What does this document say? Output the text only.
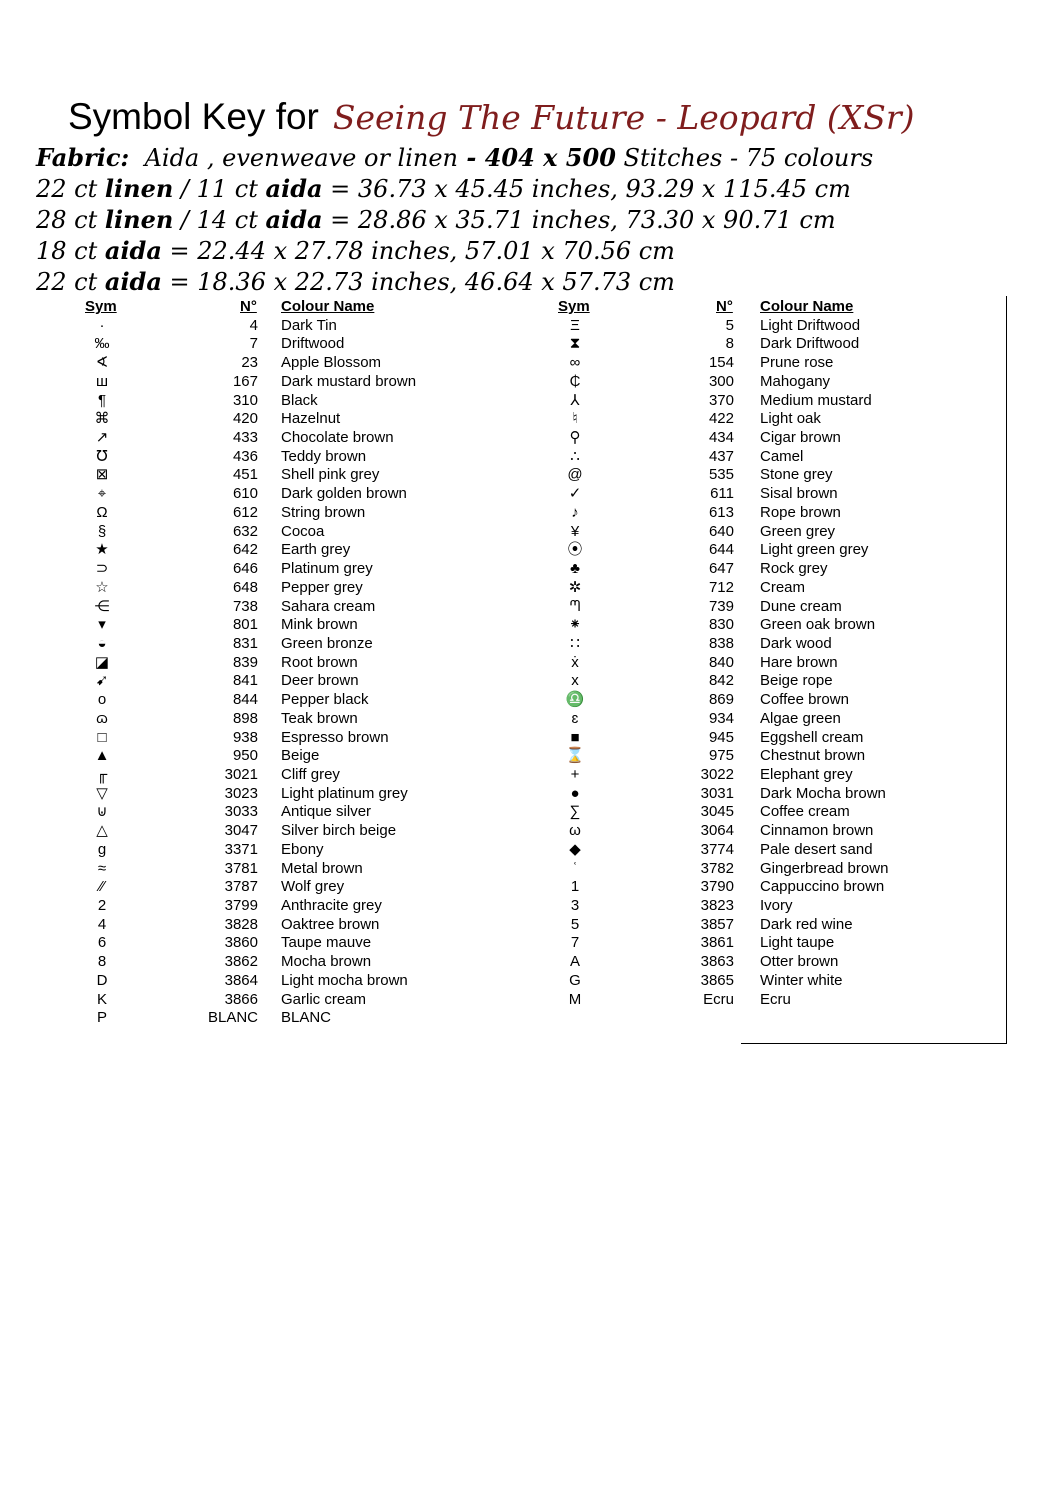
Symbol Key for Seeing The Future - Leopard (XSr)
Fabric: Aida , evenweave or linen - 404 x 500 Stitches - 75 colours
22 ct linen / 11 ct aida = 36.73 x 45.45 inches, 93.29 x 115.45 cm
28 ct linen / 14 ct aida = 28.86 x 35.71 inches, 73.30 x 90.71 cm
18 ct aida = 22.44 x 27.78 inches, 57.01 x 70.56 cm
22 ct aida = 18.36 x 22.73 inches, 46.64 x 57.73 cm
Sym	N° Colour Name
·	4 Dark Tin
‰	7 Driftwood
∢	23 Apple Blossom
ш	167 Dark mustard brown
¶	310 Black
⌘	420 Hazelnut
↗	433 Chocolate brown
℧	436 Teddy brown
⊠	451 Shell pink grey
⌖	610 Dark golden brown
Ω	612 String brown
§	632 Cocoa
★	642 Earth grey
⊃	646 Platinum grey
☆	648 Pepper grey
⋲	738 Sahara cream
▾	801 Mink brown
◒	831 Green bronze
◪	839 Root brown
➹	841 Deer brown
o	844 Pepper black
ɷ	898 Teak brown
□	938 Espresso brown
▲	950 Beige
╓	3021 Cliff grey
▽	3023 Light platinum grey
⊍	3033 Antique silver
△	3047 Silver birch beige
g	3371 Ebony
≈	3781 Metal brown
⁄⁄	3787 Wolf grey
2	3799 Anthracite grey
4	3828 Oaktree brown
6	3860 Taupe mauve
8	3862 Mocha brown
D	3864 Light mocha brown
K	3866 Garlic cream
P	BLANC BLANC
Sym	N° Colour Name
Ξ	5 Light Driftwood
⧗	8 Dark Driftwood
∞	154 Prune rose
₵	300 Mahogany
⅄	370 Medium mustard
♮	422 Light oak
⚲	434 Cigar brown
∴	437 Camel
@	535 Stone grey
✓	611 Sisal brown
♪	613 Rope brown
¥	640 Green grey
⦿	644 Light green grey
♣	647 Rock grey
✲	712 Cream
ᘉ	739 Dune cream
⁕	830 Green oak brown
∷	838 Dark wood
ẋ	840 Hare brown
x	842 Beige rope
♎	869 Coffee brown
ɛ	934 Algae green
■	945 Eggshell cream
⌛	975 Chestnut brown
+	3022 Elephant grey
●	3031 Dark Mocha brown
∑	3045 Coffee cream
ω	3064 Cinnamon brown
◆	3774 Pale desert sand
ʿ	3782 Gingerbread brown
1	3790 Cappuccino brown
3	3823 Ivory
5	3857 Dark red wine
7	3861 Light taupe
A	3863 Otter brown
G	3865 Winter white
M	Ecru Ecru
